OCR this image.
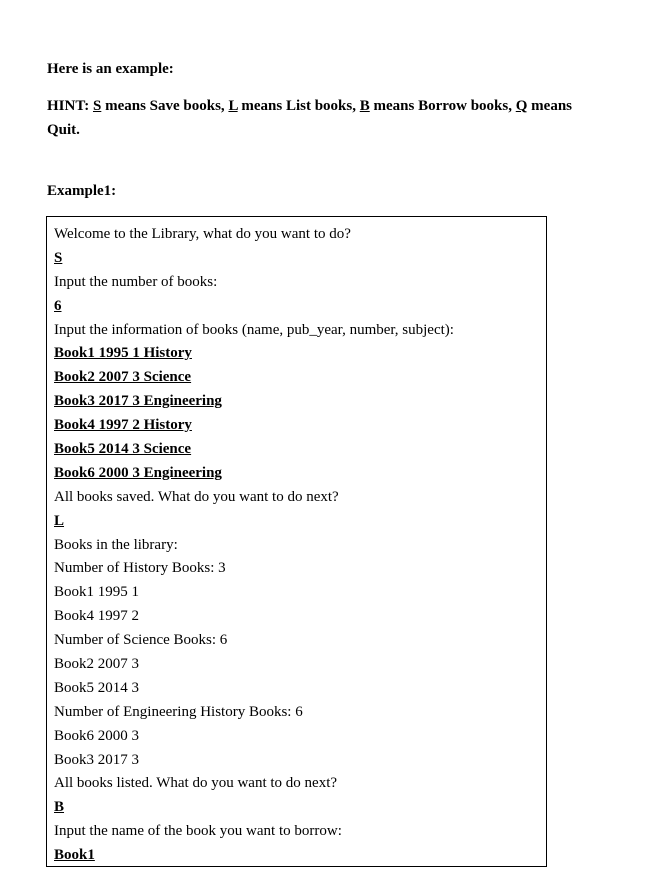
Here is an example:

HINT: S means Save books, L means List books, B means Borrow books, Q means Quit.

Example1:

Welcome to the Library, what do you want to do?
S
Input the number of books:
6
Input the information of books (name, pub_year, number, subject):
Book1 1995 1 History
Book2 2007 3 Science
Book3 2017 3 Engineering
Book4 1997 2 History
Book5 2014 3 Science
Book6 2000 3 Engineering
All books saved. What do you want to do next?
L
Books in the library:
Number of History Books: 3
Book1 1995 1
Book4 1997 2
Number of Science Books: 6
Book2 2007 3
Book5 2014 3
Number of Engineering History Books: 6
Book6 2000 3
Book3 2017 3
All books listed. What do you want to do next?
B
Input the name of the book you want to borrow:
Book1
